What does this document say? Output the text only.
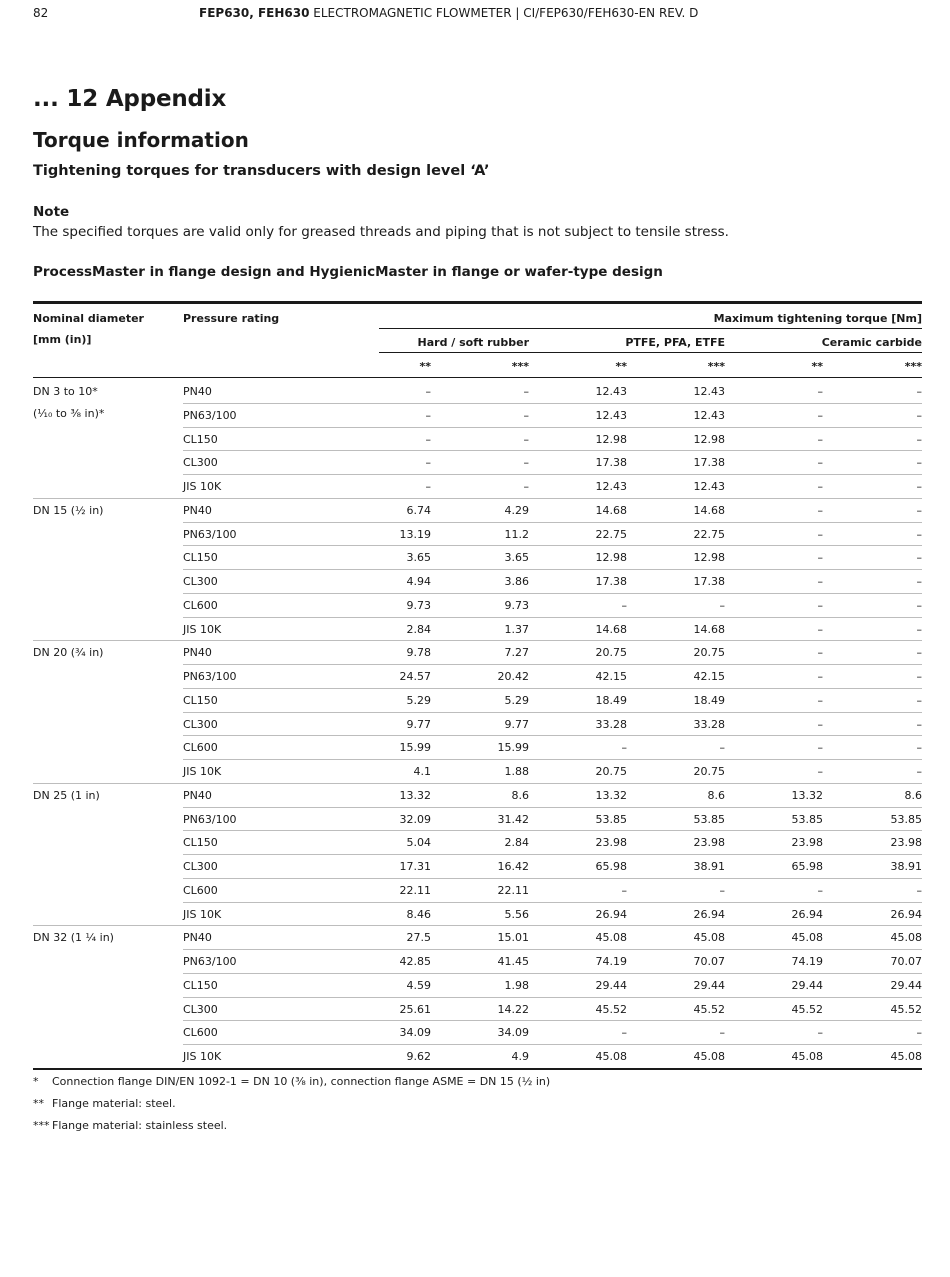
82	FEP630, FEH630 ELECTROMAGNETIC FLOWMETER | CI/FEP630/FEH630-EN REV. D
... 12 Appendix
Torque information
Tightening torques for transducers with design level ‘A’
Note
The specified torques are valid only for greased threads and piping that is not subject to tensile stress.
ProcessMaster in flange design and HygienicMaster in flange or wafer-type design
Nominal diameter
[mm (in)]
Pressure rating	Maximum tightening torque [Nm]
Hard / soft rubber	PTFE, PFA, ETFE	Ceramic carbide
**	***	**	***	**	***
DN 3 to 10*
(¹⁄₁₀ to ³⁄₈ in)*
PN40	–	–	12.43	12.43	–	–
PN63/100	–	–	12.43	12.43	–	–
CL150	–	–	12.98	12.98	–	–
CL300	–	–	17.38	17.38	–	–
JIS 10K	–	–	12.43	12.43	–	–
DN 15 (½ in)	PN40	6.74	4.29	14.68	14.68	–	–
PN63/100	13.19	11.2	22.75	22.75	–	–
CL150	3.65	3.65	12.98	12.98	–	–
CL300	4.94	3.86	17.38	17.38	–	–
CL600	9.73	9.73	–	–	–	–
JIS 10K	2.84	1.37	14.68	14.68	–	–
DN 20 (¾ in)	PN40	9.78	7.27	20.75	20.75	–	–
PN63/100	24.57	20.42	42.15	42.15	–	–
CL150	5.29	5.29	18.49	18.49	–	–
CL300	9.77	9.77	33.28	33.28	–	–
CL600	15.99	15.99	–	–	–	–
JIS 10K	4.1	1.88	20.75	20.75	–	–
DN 25 (1 in)	PN40	13.32	8.6	13.32	8.6	13.32	8.6
PN63/100	32.09	31.42	53.85	53.85	53.85	53.85
CL150	5.04	2.84	23.98	23.98	23.98	23.98
CL300	17.31	16.42	65.98	38.91	65.98	38.91
CL600	22.11	22.11	–	–	–	–
JIS 10K	8.46	5.56	26.94	26.94	26.94	26.94
DN 32 (1 ¼ in)	PN40	27.5	15.01	45.08	45.08	45.08	45.08
PN63/100	42.85	41.45	74.19	70.07	74.19	70.07
CL150	4.59	1.98	29.44	29.44	29.44	29.44
CL300	25.61	14.22	45.52	45.52	45.52	45.52
CL600	34.09	34.09	–	–	–	–
JIS 10K	9.62	4.9	45.08	45.08	45.08	45.08
* Connection flange DIN/EN 1092-1 = DN 10 (³⁄₈ in), connection flange ASME = DN 15 (½ in)
** Flange material: steel.
*** Flange material: stainless steel.
